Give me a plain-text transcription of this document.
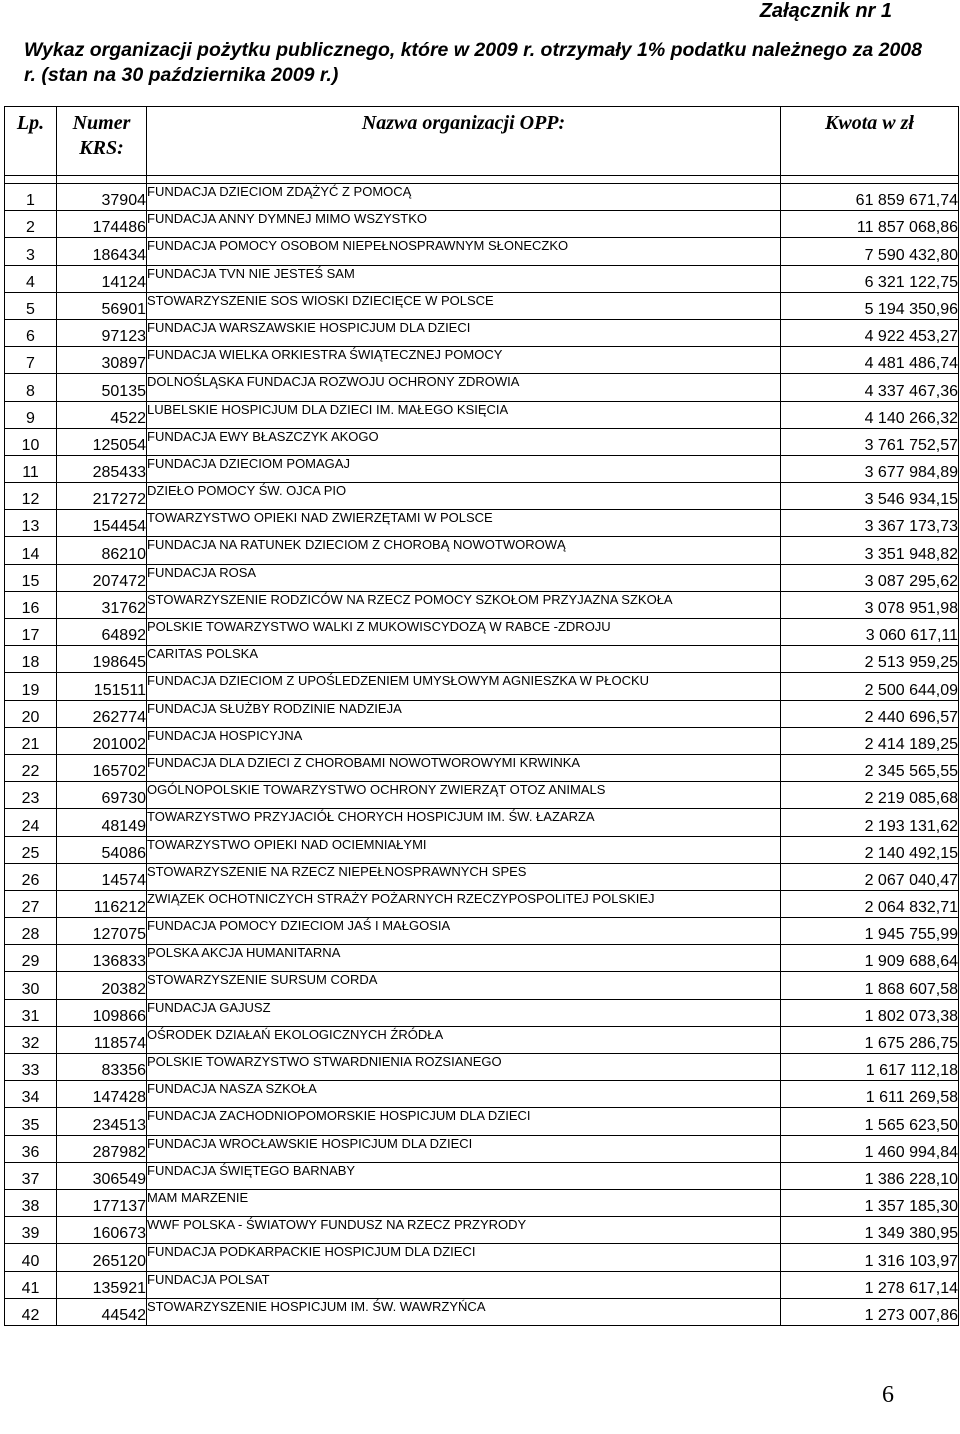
Załącznik nr 1
Wykaz organizacji pożytku publicznego, które w 2009 r. otrzymały 1% podatku należnego za 2008 r. (stan na 30 października 2009 r.)
Lp.	Numer KRS:	Nazwa organizacji OPP:	Kwota w zł

1	37904	FUNDACJA DZIECIOM ZDĄŻYĆ Z POMOCĄ	61 859 671,74
2	174486	FUNDACJA ANNY DYMNEJ MIMO WSZYSTKO	11 857 068,86
3	186434	FUNDACJA POMOCY OSOBOM NIEPEŁNOSPRAWNYM SŁONECZKO	7 590 432,80
4	14124	FUNDACJA TVN NIE JESTEŚ SAM	6 321 122,75
5	56901	STOWARZYSZENIE SOS WIOSKI DZIECIĘCE W POLSCE	5 194 350,96
6	97123	FUNDACJA WARSZAWSKIE HOSPICJUM DLA DZIECI	4 922 453,27
7	30897	FUNDACJA WIELKA ORKIESTRA ŚWIĄTECZNEJ POMOCY	4 481 486,74
8	50135	DOLNOŚLĄSKA FUNDACJA ROZWOJU OCHRONY ZDROWIA	4 337 467,36
9	4522	LUBELSKIE HOSPICJUM DLA DZIECI IM. MAŁEGO KSIĘCIA	4 140 266,32
10	125054	FUNDACJA EWY BŁASZCZYK AKOGO	3 761 752,57
11	285433	FUNDACJA DZIECIOM POMAGAJ	3 677 984,89
12	217272	DZIEŁO POMOCY ŚW. OJCA PIO	3 546 934,15
13	154454	TOWARZYSTWO OPIEKI NAD ZWIERZĘTAMI W POLSCE	3 367 173,73
14	86210	FUNDACJA NA RATUNEK DZIECIOM Z CHOROBĄ NOWOTWOROWĄ	3 351 948,82
15	207472	FUNDACJA ROSA	3 087 295,62
16	31762	STOWARZYSZENIE RODZICÓW NA RZECZ POMOCY SZKOŁOM PRZYJAZNA SZKOŁA	3 078 951,98
17	64892	POLSKIE TOWARZYSTWO WALKI Z MUKOWISCYDOZĄ W RABCE -ZDROJU	3 060 617,11
18	198645	CARITAS POLSKA	2 513 959,25
19	151511	FUNDACJA DZIECIOM Z UPOŚLEDZENIEM UMYSŁOWYM AGNIESZKA W PŁOCKU	2 500 644,09
20	262774	FUNDACJA SŁUŻBY RODZINIE NADZIEJA	2 440 696,57
21	201002	FUNDACJA HOSPICYJNA	2 414 189,25
22	165702	FUNDACJA DLA DZIECI Z CHOROBAMI NOWOTWOROWYMI KRWINKA	2 345 565,55
23	69730	OGÓLNOPOLSKIE TOWARZYSTWO OCHRONY ZWIERZĄT OTOZ ANIMALS	2 219 085,68
24	48149	TOWARZYSTWO PRZYJACIÓŁ CHORYCH HOSPICJUM IM. ŚW. ŁAZARZA	2 193 131,62
25	54086	TOWARZYSTWO OPIEKI NAD OCIEMNIAŁYMI	2 140 492,15
26	14574	STOWARZYSZENIE NA RZECZ NIEPEŁNOSPRAWNYCH SPES	2 067 040,47
27	116212	ZWIĄZEK OCHOTNICZYCH STRAŻY POŻARNYCH RZECZYPOSPOLITEJ POLSKIEJ	2 064 832,71
28	127075	FUNDACJA POMOCY DZIECIOM JAŚ I MAŁGOSIA	1 945 755,99
29	136833	POLSKA AKCJA HUMANITARNA	1 909 688,64
30	20382	STOWARZYSZENIE SURSUM CORDA	1 868 607,58
31	109866	FUNDACJA GAJUSZ	1 802 073,38
32	118574	OŚRODEK DZIAŁAŃ EKOLOGICZNYCH ŹRÓDŁA	1 675 286,75
33	83356	POLSKIE TOWARZYSTWO STWARDNIENIA ROZSIANEGO	1 617 112,18
34	147428	FUNDACJA NASZA SZKOŁA	1 611 269,58
35	234513	FUNDACJA ZACHODNIOPOMORSKIE HOSPICJUM DLA DZIECI	1 565 623,50
36	287982	FUNDACJA WROCŁAWSKIE HOSPICJUM DLA DZIECI	1 460 994,84
37	306549	FUNDACJA ŚWIĘTEGO BARNABY	1 386 228,10
38	177137	MAM MARZENIE	1 357 185,30
39	160673	WWF POLSKA - ŚWIATOWY FUNDUSZ NA RZECZ PRZYRODY	1 349 380,95
40	265120	FUNDACJA PODKARPACKIE HOSPICJUM DLA DZIECI	1 316 103,97
41	135921	FUNDACJA POLSAT	1 278 617,14
42	44542	STOWARZYSZENIE HOSPICJUM IM. ŚW. WAWRZYŃCA	1 273 007,86
6
